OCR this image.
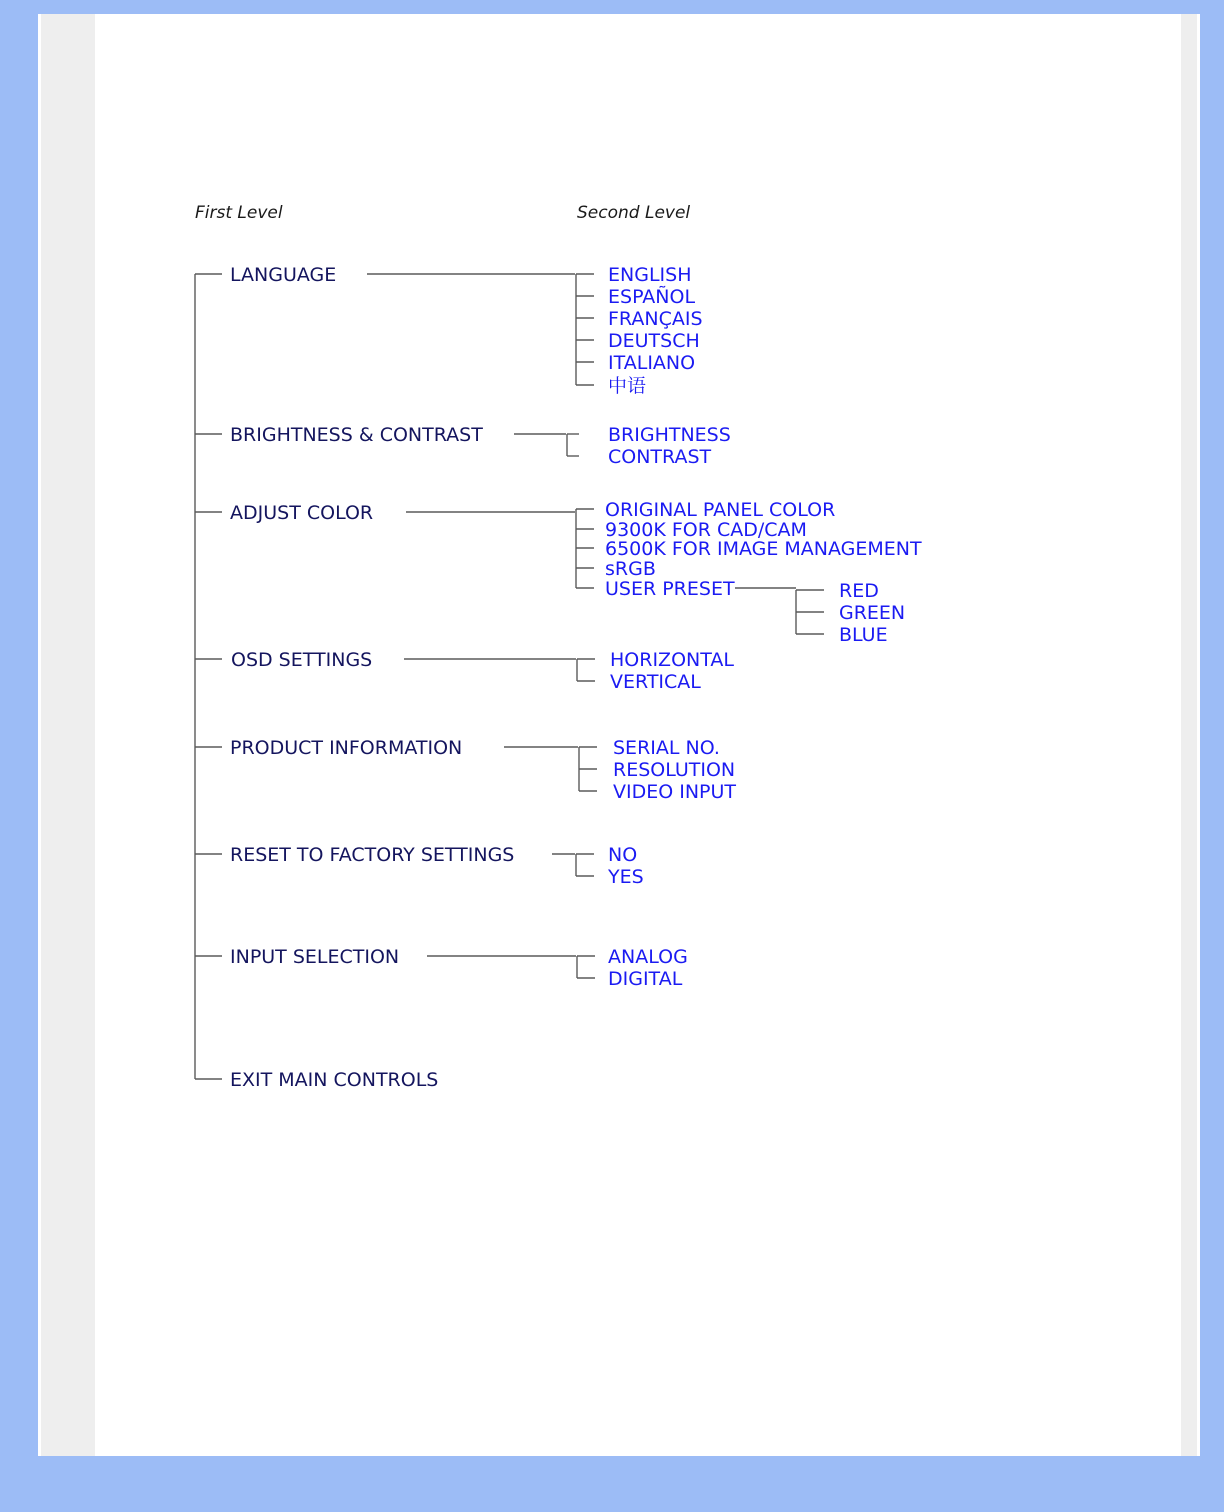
First Level	Second Level
LANGUAGE	ENGLISH
ESPAÑOL
FRANÇAIS
DEUTSCH
ITALIANO
中语
BRIGHTNESS & CONTRAST	BRIGHTNESS
CONTRAST
ADJUST COLOR	ORIGINAL PANEL COLOR
9300K FOR CAD/CAM
6500K FOR IMAGE MANAGEMENT
sRGB
USER PRESET	RED
GREEN
BLUE
OSD SETTINGS	HORIZONTAL
VERTICAL
PRODUCT INFORMATION	SERIAL NO.
RESOLUTION
VIDEO INPUT
RESET TO FACTORY SETTINGS	NO
YES
INPUT SELECTION	ANALOG
DIGITAL
EXIT MAIN CONTROLS
